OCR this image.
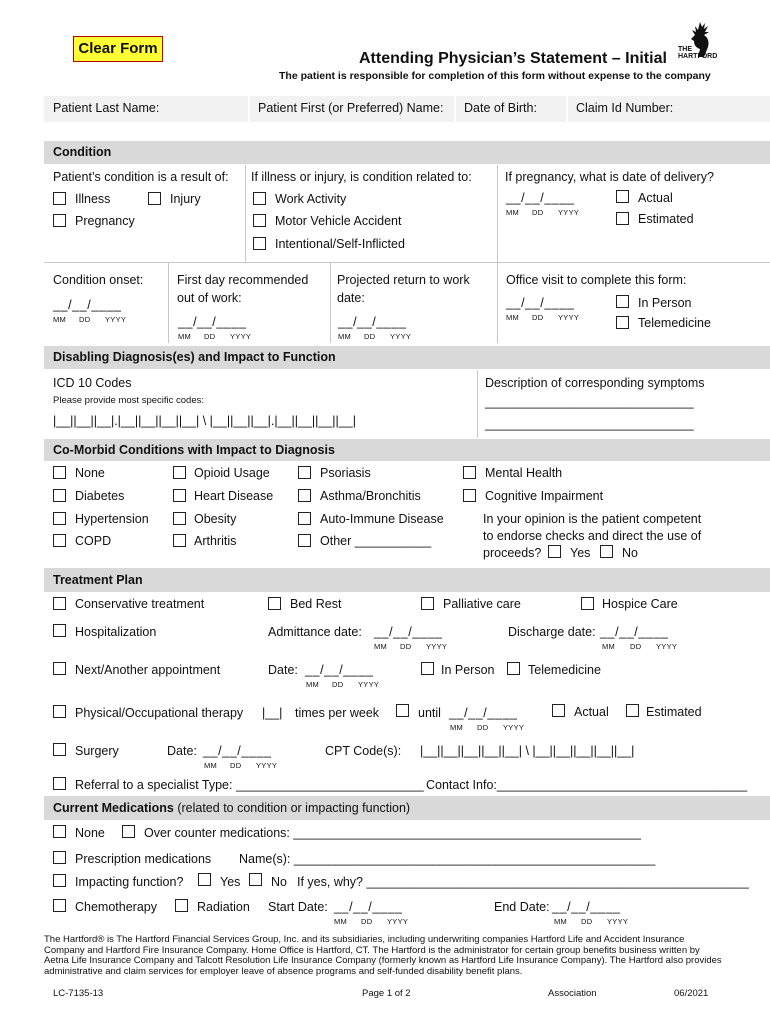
Clear Form
Attending Physician’s Statement – Initial
The patient is responsible for completion of this form without expense to the company
THE HARTFORD
Patient Last Name:	Patient First (or Preferred) Name: Date of Birth:	Claim Id Number:
Condition
Patient’s condition is a result of:
Illness	Injury
Pregnancy
If illness or injury, is condition related to:
Work Activity
Motor Vehicle Accident
Intentional/Self-Inflicted
If pregnancy, what is date of delivery?
__/__/____
MM DD YYYY
Actual
Estimated
Condition onset:
__/__/____
MM DD YYYY
First day recommended
out of work:
__/__/____
MM DD YYYY
Projected return to work
date:
__/__/____
MM DD YYYY
Office visit to complete this form:
__/__/____
MM DD YYYY
In Person
Telemedicine
Disabling Diagnosis(es) and Impact to Function
ICD 10 Codes
Please provide most specific codes:
|__||__||__|.|__||__||__||__| \ |__||__||__|.|__||__||__||__|
Description of corresponding symptoms
______________________________
______________________________
Co-Morbid Conditions with Impact to Diagnosis
None
Diabetes
Hypertension
COPD
Opioid Usage
Heart Disease
Obesity
Arthritis
Psoriasis
Asthma/Bronchitis
Auto-Immune Disease
Other ___________
Mental Health
Cognitive Impairment
In your opinion is the patient competent
to endorse checks and direct the use of
proceeds? Yes	No
Treatment Plan
Conservative treatment	Bed Rest	Palliative care	Hospice Care
Hospitalization	Admittance date: __/__/____
MM DD YYYY
Discharge date: __/__/____
MM DD YYYY
Next/Another appointment	Date: __/__/____
MM DD YYYY
In Person	Telemedicine
Physical/Occupational therapy |__| times per week	until __/__/____
MM DD YYYY
Actual	Estimated
Surgery	Date: __/__/____
MM DD YYYY
CPT Code(s): |__||__||__||__||__| \ |__||__||__||__||__|
Referral to a specialist Type: ___________________________ Contact Info:____________________________________
Current Medications (related to condition or impacting function)
None	Over counter medications: __________________________________________________
Prescription medications Name(s): ____________________________________________________
Impacting function?	Yes No If yes, why? _______________________________________________________
Chemotherapy	Radiation Start Date: __/__/____
MM DD YYYY
End Date: __/__/____
MM DD YYYY
The Hartford® is The Hartford Financial Services Group, Inc. and its subsidiaries, including underwriting companies Hartford Life and Accident Insurance Company and Hartford Fire Insurance Company. Home Office is Hartford, CT. The Hartford is the administrator for certain group benefits business written by Aetna Life Insurance Company and Talcott Resolution Life Insurance Company (formerly known as Hartford Life Insurance Company). The Hartford also provides administrative and claim services for employer leave of absence programs and self-funded disability benefit plans.
LC-7135-13	Page 1 of 2	Association	06/2021
